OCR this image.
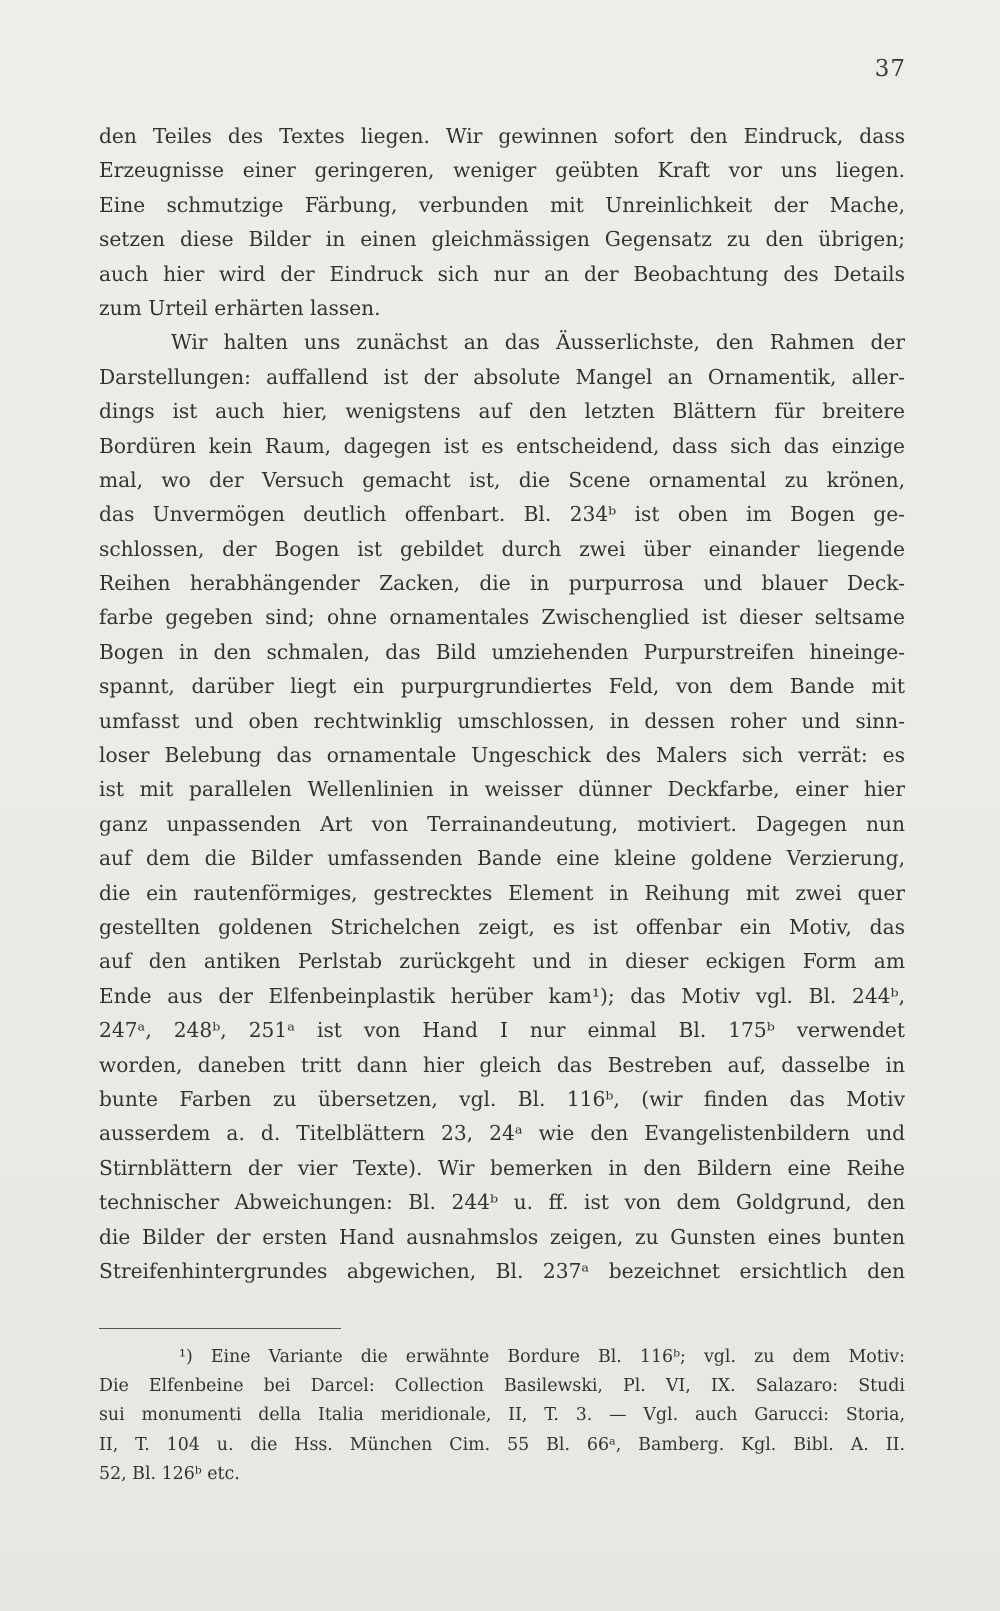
37
den Teiles des Textes liegen. Wir gewinnen sofort den Eindruck, dass
Erzeugnisse einer geringeren, weniger geübten Kraft vor uns liegen.
Eine schmutzige Färbung, verbunden mit Unreinlichkeit der Mache,
setzen diese Bilder in einen gleichmässigen Gegensatz zu den übrigen;
auch hier wird der Eindruck sich nur an der Beobachtung des Details
zum Urteil erhärten lassen.
Wir halten uns zunächst an das Äusserlichste, den Rahmen der
Darstellungen: auffallend ist der absolute Mangel an Ornamentik, aller-
dings ist auch hier, wenigstens auf den letzten Blättern für breitere
Bordüren kein Raum, dagegen ist es entscheidend, dass sich das einzige
mal, wo der Versuch gemacht ist, die Scene ornamental zu krönen,
das Unvermögen deutlich offenbart. Bl. 234ᵇ ist oben im Bogen ge-
schlossen, der Bogen ist gebildet durch zwei über einander liegende
Reihen herabhängender Zacken, die in purpurrosa und blauer Deck-
farbe gegeben sind; ohne ornamentales Zwischenglied ist dieser seltsame
Bogen in den schmalen, das Bild umziehenden Purpurstreifen hineinge-
spannt, darüber liegt ein purpurgrundiertes Feld, von dem Bande mit
umfasst und oben rechtwinklig umschlossen, in dessen roher und sinn-
loser Belebung das ornamentale Ungeschick des Malers sich verrät: es
ist mit parallelen Wellenlinien in weisser dünner Deckfarbe, einer hier
ganz unpassenden Art von Terrainandeutung, motiviert. Dagegen nun
auf dem die Bilder umfassenden Bande eine kleine goldene Verzierung,
die ein rautenförmiges, gestrecktes Element in Reihung mit zwei quer
gestellten goldenen Strichelchen zeigt, es ist offenbar ein Motiv, das
auf den antiken Perlstab zurückgeht und in dieser eckigen Form am
Ende aus der Elfenbeinplastik herüber kam¹); das Motiv vgl. Bl. 244ᵇ,
247ᵃ, 248ᵇ, 251ᵃ ist von Hand I nur einmal Bl. 175ᵇ verwendet
worden, daneben tritt dann hier gleich das Bestreben auf, dasselbe in
bunte Farben zu übersetzen, vgl. Bl. 116ᵇ, (wir finden das Motiv
ausserdem a. d. Titelblättern 23, 24ᵃ wie den Evangelistenbildern und
Stirnblättern der vier Texte). Wir bemerken in den Bildern eine Reihe
technischer Abweichungen: Bl. 244ᵇ u. ff. ist von dem Goldgrund, den
die Bilder der ersten Hand ausnahmslos zeigen, zu Gunsten eines bunten
Streifenhintergrundes abgewichen, Bl. 237ᵃ bezeichnet ersichtlich den
¹) Eine Variante die erwähnte Bordure Bl. 116ᵇ; vgl. zu dem Motiv:
Die Elfenbeine bei Darcel: Collection Basilewski, Pl. VI, IX. Salazaro: Studi
sui monumenti della Italia meridionale, II, T. 3. — Vgl. auch Garucci: Storia,
II, T. 104 u. die Hss. München Cim. 55 Bl. 66ᵃ, Bamberg. Kgl. Bibl. A. II.
52, Bl. 126ᵇ etc.
